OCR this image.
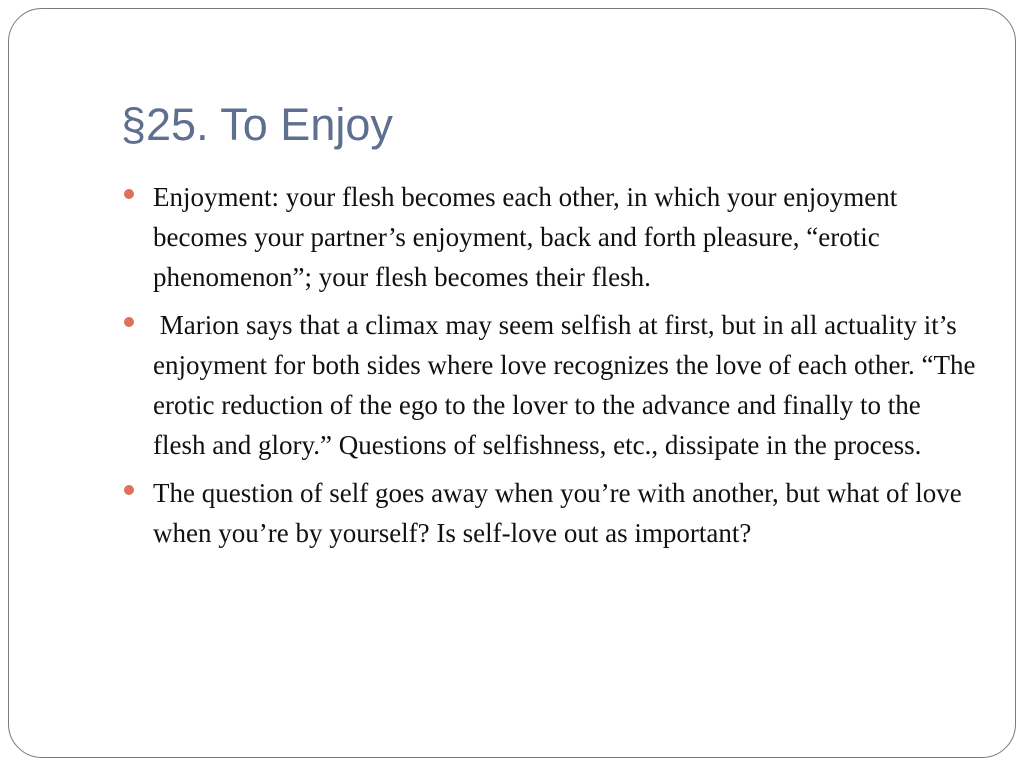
§25. To Enjoy
Enjoyment: your flesh becomes each other, in which your enjoyment becomes your partner’s enjoyment, back and forth pleasure, “erotic phenomenon”; your flesh becomes their flesh.
Marion says that a climax may seem selfish at first, but in all actuality it’s enjoyment for both sides where love recognizes the love of each other. “The erotic reduction of the ego to the lover to the advance and finally to the flesh and glory.” Questions of selfishness, etc., dissipate in the process.
The question of self goes away when you’re with another, but what of love when you’re by yourself? Is self-love out as important?
